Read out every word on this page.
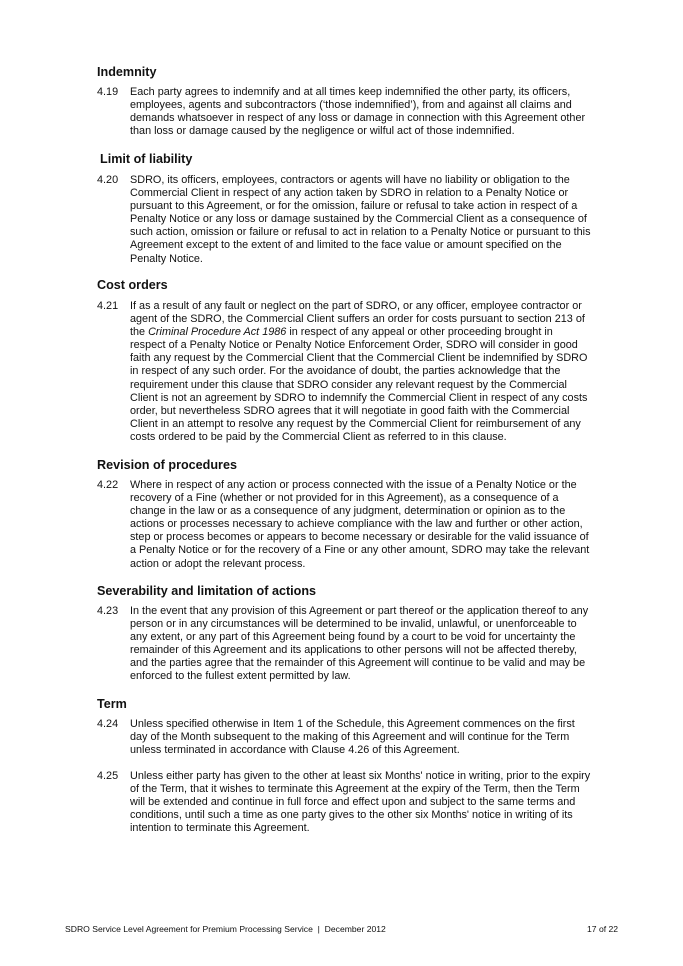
Indemnity
4.19 Each party agrees to indemnify and at all times keep indemnified the other party, its officers,
employees, agents and subcontractors (‘those indemnified’), from and against all claims and
demands whatsoever in respect of any loss or damage in connection with this Agreement other
than loss or damage caused by the negligence or wilful act of those indemnified.
Limit of liability
4.20 SDRO, its officers, employees, contractors or agents will have no liability or obligation to the
Commercial Client in respect of any action taken by SDRO in relation to a Penalty Notice or
pursuant to this Agreement, or for the omission, failure or refusal to take action in respect of a
Penalty Notice or any loss or damage sustained by the Commercial Client as a consequence of
such action, omission or failure or refusal to act in relation to a Penalty Notice or pursuant to this
Agreement except to the extent of and limited to the face value or amount specified on the
Penalty Notice.
Cost orders
4.21 If as a result of any fault or neglect on the part of SDRO, or any officer, employee contractor or
agent of the SDRO, the Commercial Client suffers an order for costs pursuant to section 213 of
the Criminal Procedure Act 1986 in respect of any appeal or other proceeding brought in
respect of a Penalty Notice or Penalty Notice Enforcement Order, SDRO will consider in good
faith any request by the Commercial Client that the Commercial Client be indemnified by SDRO
in respect of any such order. For the avoidance of doubt, the parties acknowledge that the
requirement under this clause that SDRO consider any relevant request by the Commercial
Client is not an agreement by SDRO to indemnify the Commercial Client in respect of any costs
order, but nevertheless SDRO agrees that it will negotiate in good faith with the Commercial
Client in an attempt to resolve any request by the Commercial Client for reimbursement of any
costs ordered to be paid by the Commercial Client as referred to in this clause.
Revision of procedures
4.22 Where in respect of any action or process connected with the issue of a Penalty Notice or the
recovery of a Fine (whether or not provided for in this Agreement), as a consequence of a
change in the law or as a consequence of any judgment, determination or opinion as to the
actions or processes necessary to achieve compliance with the law and further or other action,
step or process becomes or appears to become necessary or desirable for the valid issuance of
a Penalty Notice or for the recovery of a Fine or any other amount, SDRO may take the relevant
action or adopt the relevant process.
Severability and limitation of actions
4.23 In the event that any provision of this Agreement or part thereof or the application thereof to any
person or in any circumstances will be determined to be invalid, unlawful, or unenforceable to
any extent, or any part of this Agreement being found by a court to be void for uncertainty the
remainder of this Agreement and its applications to other persons will not be affected thereby,
and the parties agree that the remainder of this Agreement will continue to be valid and may be
enforced to the fullest extent permitted by law.
Term
4.24 Unless specified otherwise in Item 1 of the Schedule, this Agreement commences on the first
day of the Month subsequent to the making of this Agreement and will continue for the Term
unless terminated in accordance with Clause 4.26 of this Agreement.
4.25 Unless either party has given to the other at least six Months' notice in writing, prior to the expiry
of the Term, that it wishes to terminate this Agreement at the expiry of the Term, then the Term
will be extended and continue in full force and effect upon and subject to the same terms and
conditions, until such a time as one party gives to the other six Months' notice in writing of its
intention to terminate this Agreement.
SDRO Service Level Agreement for Premium Processing Service  |  December 2012	17 of 22
